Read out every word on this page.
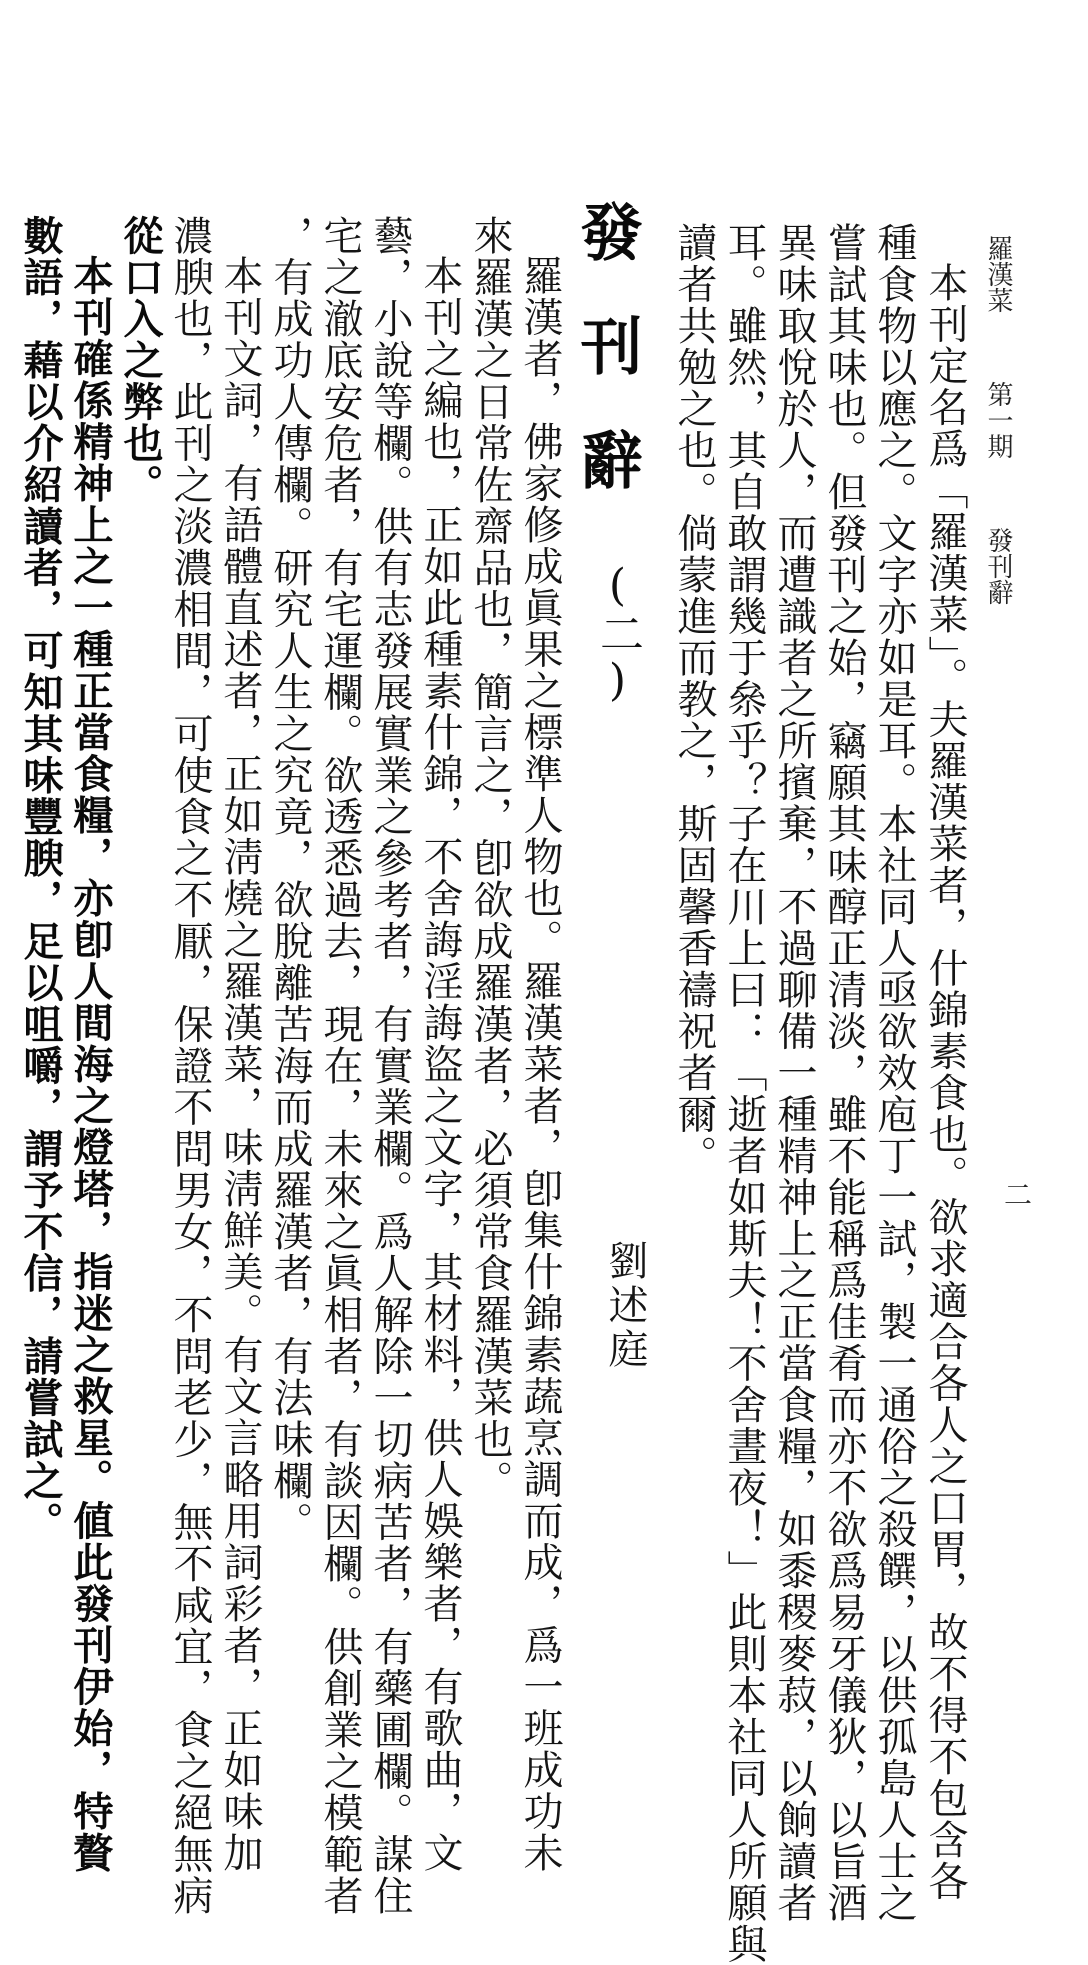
羅漢菜 第一期 發刊辭
二
本刊定名爲「羅漢菜」。夫羅漢菜者，什錦素食也。欲求適合各人之口胃，故不得不包含各
種食物以應之。文字亦如是耳。本社同人亟欲效庖丁一試，製一通俗之殺饌，以供孤島人士之
嘗試其味也。但發刊之始，竊願其味醇正清淡，雖不能稱爲佳肴而亦不欲爲易牙儀狄，以旨酒
異味取悅於人，而遭識者之所擯棄，不過聊備一種精神上之正當食糧，如黍稷麥菽，以餉讀者
耳。雖然，其自敢謂幾于㕘乎？子在川上曰：「逝者如斯夫！不舍晝夜！」此則本社同人所願與
讀者共勉之也。倘蒙進而教之，斯固馨香禱祝者爾。
發刊辭
(二)
劉述庭
羅漢者，佛家修成眞果之標準人物也。羅漢菜者，卽集什錦素蔬烹調而成，爲一班成功未
來羅漢之日常佐齋品也，簡言之，卽欲成羅漢者，必須常食羅漢菜也。
本刊之編也，正如此種素什錦，不舍誨淫誨盜之文字，其材料，供人娛樂者，有歌曲，文
藝，小說等欄。供有志發展實業之參考者，有實業欄。爲人解除一切病苦者，有藥圃欄。謀住
宅之澈底安危者，有宅運欄。欲透悉過去，現在，未來之眞相者，有談因欄。供創業之模範者
，有成功人傳欄。研究人生之究竟，欲脫離苦海而成羅漢者，有法味欄。
本刊文詞，有語體直述者，正如淸燒之羅漢菜，味淸鮮美。有文言略用詞彩者，正如味加
濃腴也，此刊之淡濃相間，可使食之不厭，保證不問男女，不問老少，無不咸宜，食之絕無病
從口入之弊也。
本刊確係精神上之一種正當食糧，亦卽人間海之燈塔，指迷之救星。値此發刊伊始，特贅
數語，藉以介紹讀者，可知其味豐腴，足以咀嚼，謂予不信，請嘗試之。
